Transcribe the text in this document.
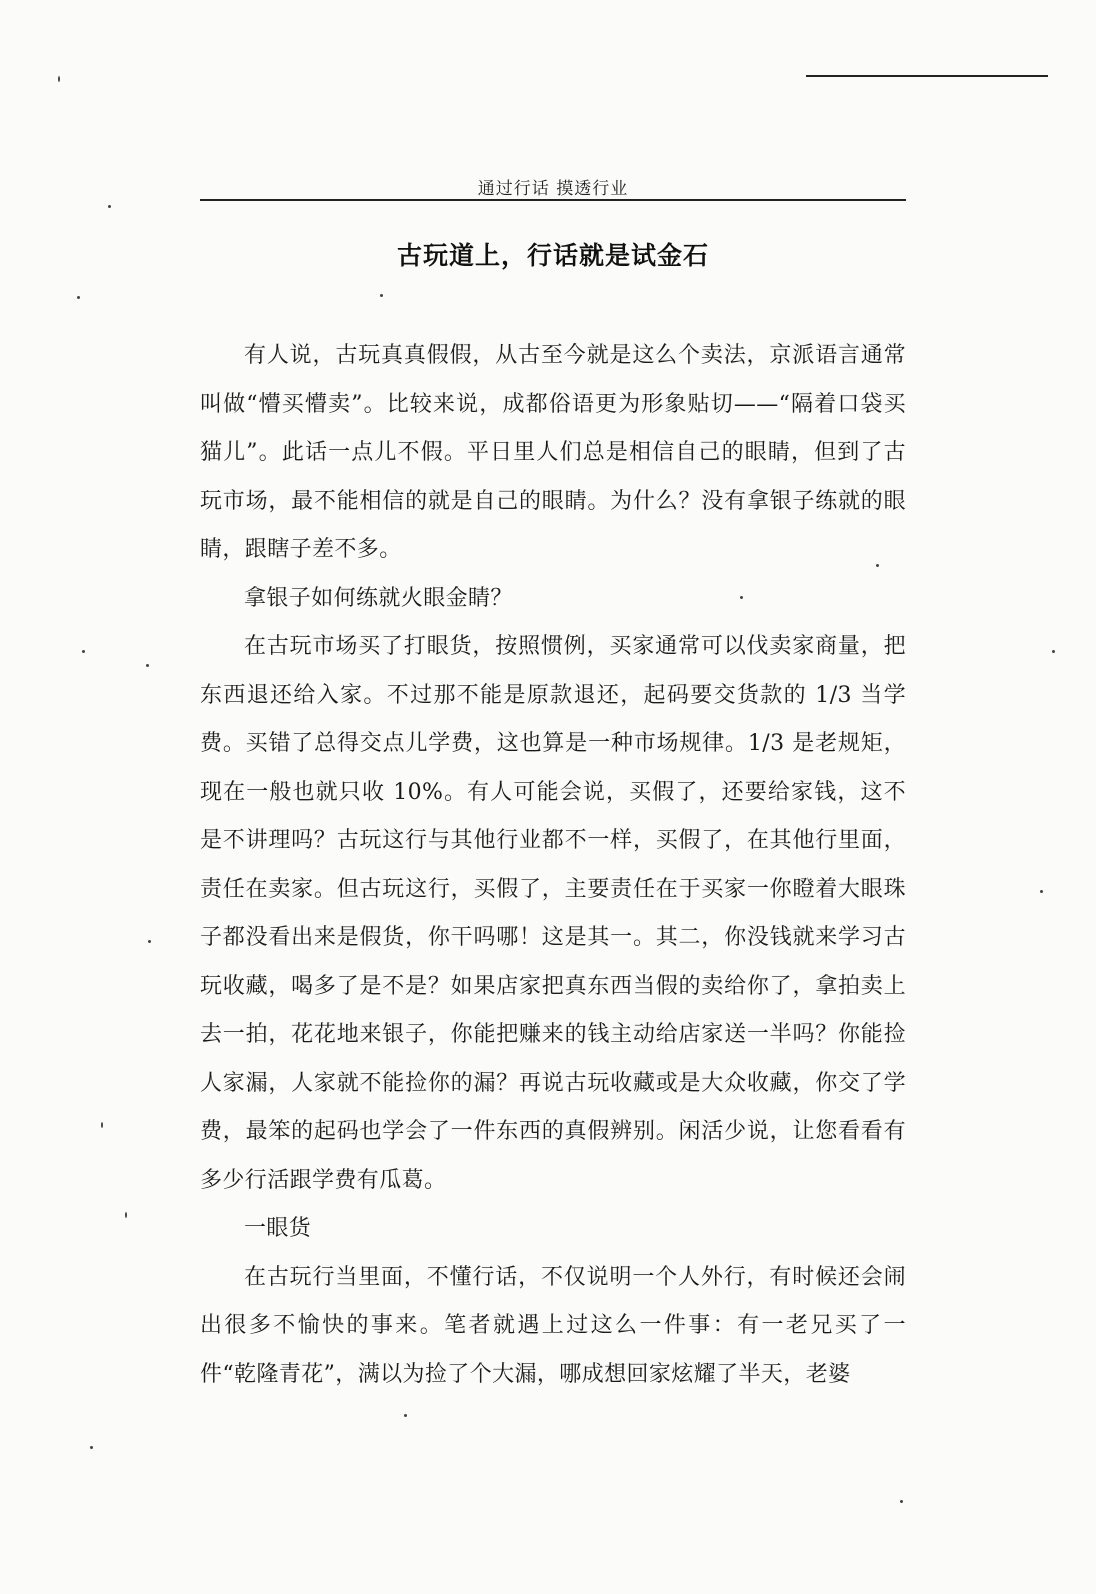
通过行话 摸透行业
古玩道上，行话就是试金石

有人说，古玩真真假假，从古至今就是这么个卖法，京派语言通常叫做“懵买懵卖”。比较来说，成都俗语更为形象贴切——“隔着口袋买猫儿”。此话一点儿不假。平日里人们总是相信自己的眼睛，但到了古玩市场，最不能相信的就是自己的眼睛。为什么？没有拿银子练就的眼睛，跟瞎子差不多。

拿银子如何练就火眼金睛？

在古玩市场买了打眼货，按照惯例，买家通常可以伐卖家商量，把东西退还给入家。不过那不能是原款退还，起码要交货款的 1/3 当学费。买错了总得交点儿学费，这也算是一种市场规律。1/3 是老规矩，现在一般也就只收 10%。有人可能会说，买假了，还要给家钱，这不是不讲理吗？古玩这行与其他行业都不一样，买假了，在其他行里面，责任在卖家。但古玩这行，买假了，主要责任在于买家一你瞪着大眼珠子都没看出来是假货，你干吗哪！这是其一。其二，你没钱就来学习古玩收藏，喝多了是不是？如果店家把真东西当假的卖给你了，拿拍卖上去一拍，花花地来银子，你能把赚来的钱主动给店家送一半吗？你能捡人家漏，人家就不能捡你的漏？再说古玩收藏或是大众收藏，你交了学费，最笨的起码也学会了一件东西的真假辨别。闲活少说，让您看看有多少行活跟学费有瓜葛。

一眼货

在古玩行当里面，不懂行话，不仅说明一个人外行，有时候还会闹出很多不愉快的事来。笔者就遇上过这么一件事：有一老兄买了一件“乾隆青花”，满以为捡了个大漏，哪成想回家炫耀了半天，老婆
